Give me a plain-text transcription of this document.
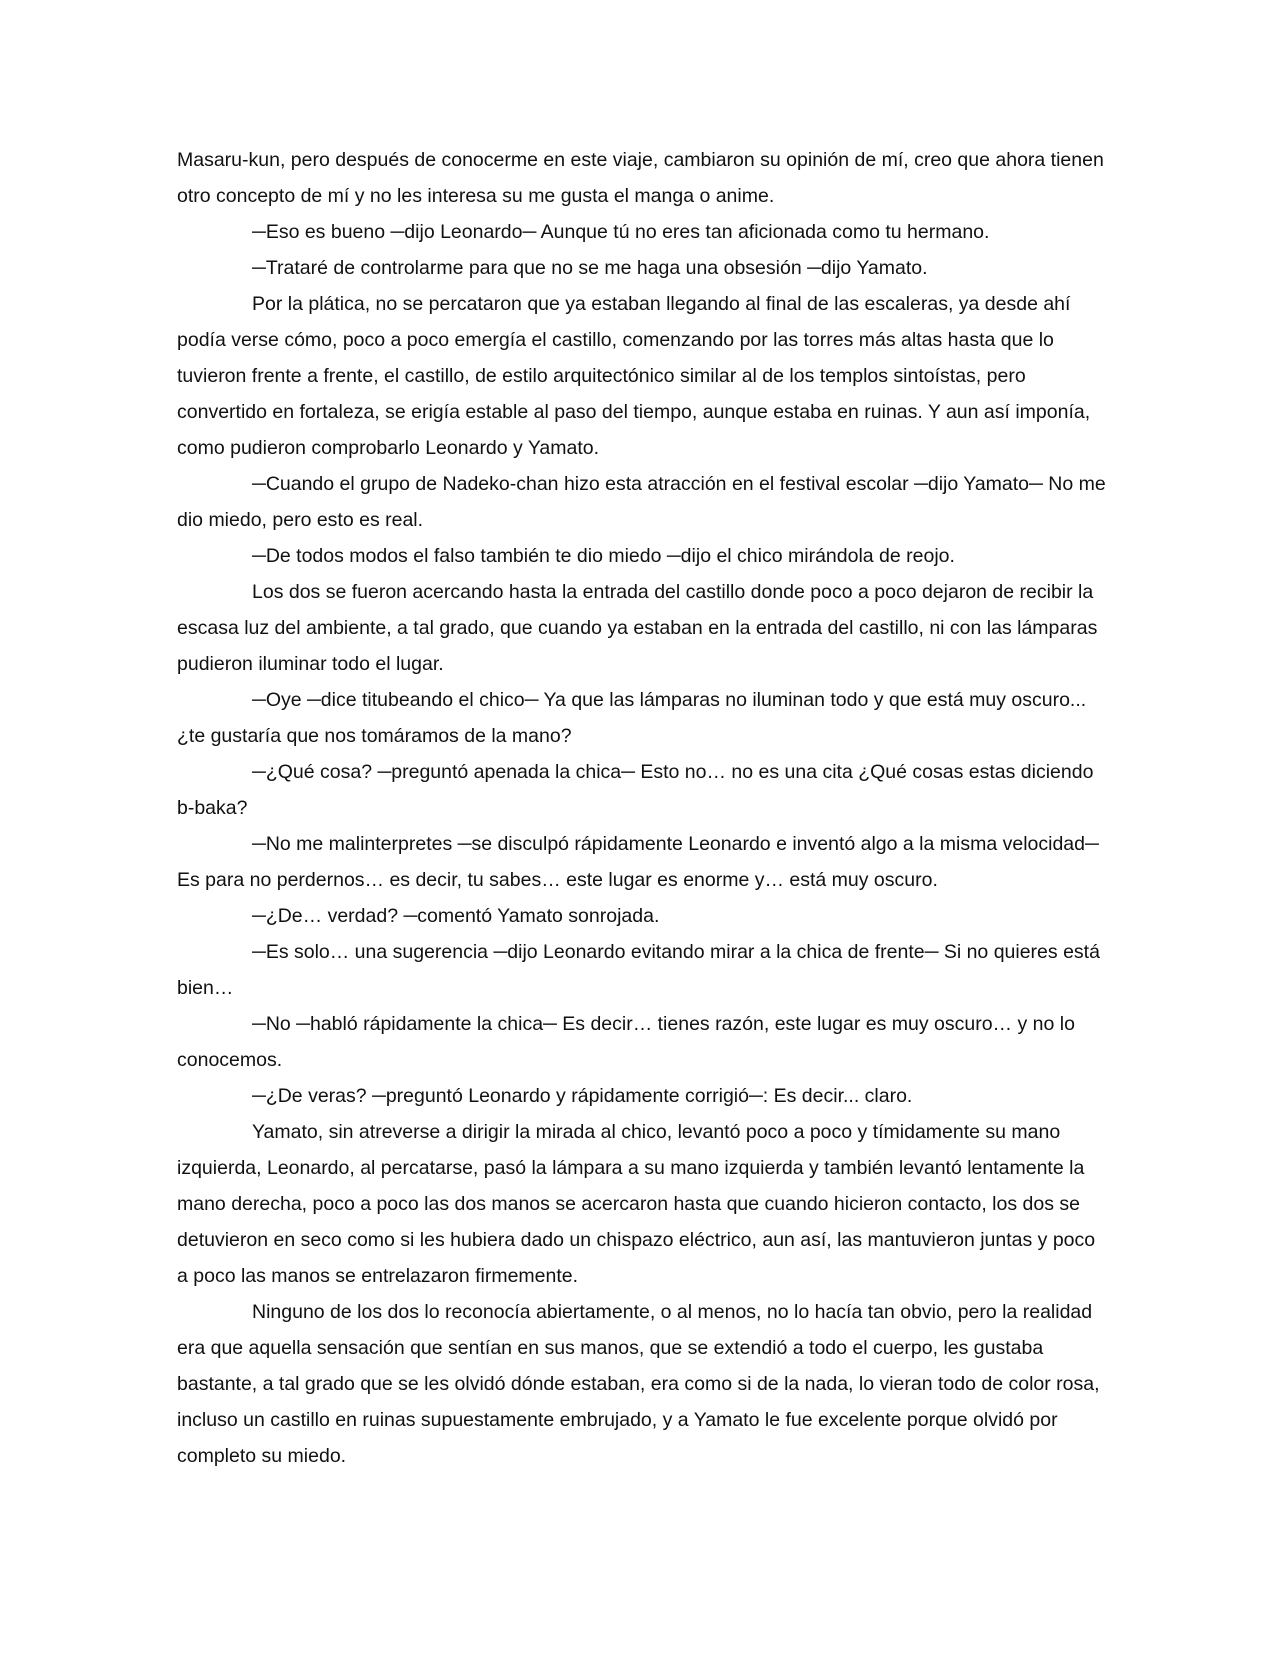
Masaru-kun, pero después de conocerme en este viaje, cambiaron su opinión de mí, creo que ahora tienen otro concepto de mí y no les interesa su me gusta el manga o anime.

─Eso es bueno ─dijo Leonardo─ Aunque tú no eres tan aficionada como tu hermano.

─Trataré de controlarme para que no se me haga una obsesión ─dijo Yamato.

Por la plática, no se percataron que ya estaban llegando al final de las escaleras, ya desde ahí podía verse cómo, poco a poco emergía el castillo, comenzando por las torres más altas hasta que lo tuvieron frente a frente, el castillo, de estilo arquitectónico similar al de los templos sintoístas, pero convertido en fortaleza, se erigía estable al paso del tiempo, aunque estaba en ruinas. Y aun así imponía, como pudieron comprobarlo Leonardo y Yamato.

─Cuando el grupo de Nadeko-chan hizo esta atracción en el festival escolar ─dijo Yamato─ No me dio miedo, pero esto es real.

─De todos modos el falso también te dio miedo ─dijo el chico mirándola de reojo.

Los dos se fueron acercando hasta la entrada del castillo donde poco a poco dejaron de recibir la escasa luz del ambiente, a tal grado, que cuando ya estaban en la entrada del castillo, ni con las lámparas pudieron iluminar todo el lugar.

─Oye ─dice titubeando el chico─ Ya que las lámparas no iluminan todo y que está muy oscuro... ¿te gustaría que nos tomáramos de la mano?

─¿Qué cosa? ─preguntó apenada la chica─ Esto no… no es una cita ¿Qué cosas estas diciendo b-baka?

─No me malinterpretes ─se disculpó rápidamente Leonardo e inventó algo a la misma velocidad─ Es para no perdernos… es decir, tu sabes… este lugar es enorme y… está muy oscuro.

─¿De… verdad? ─comentó Yamato sonrojada.

─Es solo… una sugerencia ─dijo Leonardo evitando mirar a la chica de frente─ Si no quieres está bien…

─No ─habló rápidamente la chica─ Es decir… tienes razón, este lugar es muy oscuro… y no lo conocemos.

─¿De veras? ─preguntó Leonardo y rápidamente corrigió─: Es decir... claro.

Yamato, sin atreverse a dirigir la mirada al chico, levantó poco a poco y tímidamente su mano izquierda, Leonardo, al percatarse, pasó la lámpara a su mano izquierda y también levantó lentamente la mano derecha, poco a poco las dos manos se acercaron hasta que cuando hicieron contacto, los dos se detuvieron en seco como si les hubiera dado un chispazo eléctrico, aun así, las mantuvieron juntas y poco a poco las manos se entrelazaron firmemente.

Ninguno de los dos lo reconocía abiertamente, o al menos, no lo hacía tan obvio, pero la realidad era que aquella sensación que sentían en sus manos, que se extendió a todo el cuerpo, les gustaba bastante, a tal grado que se les olvidó dónde estaban, era como si de la nada, lo vieran todo de color rosa, incluso un castillo en ruinas supuestamente embrujado, y a Yamato le fue excelente porque olvidó por completo su miedo.
